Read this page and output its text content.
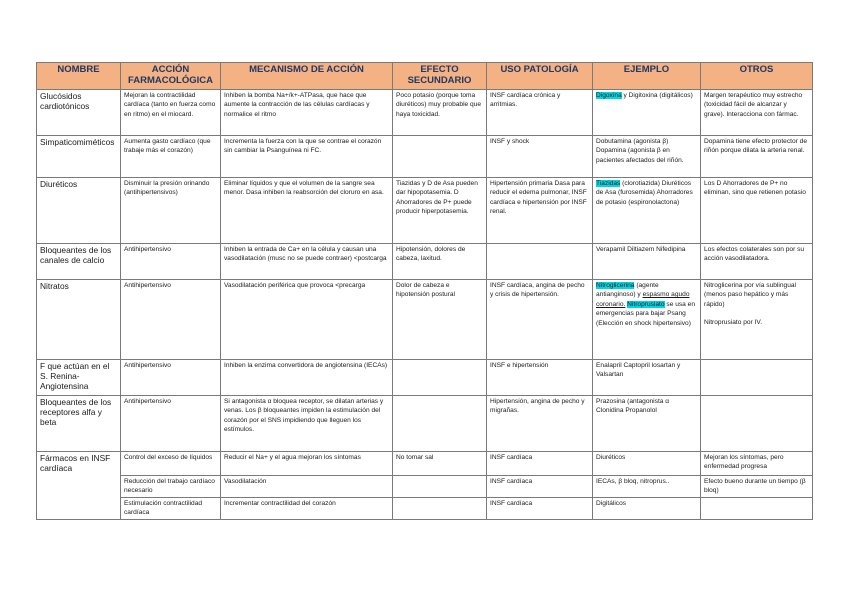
NOMBRE	ACCIÓN FARMACOLÓGICA	MECANISMO DE ACCIÓN	EFECTO SECUNDARIO	USO PATOLOGÍA	EJEMPLO	OTROS
Glucósidos cardiotónicos	Mejoran la contractilidad cardíaca (tanto en fuerza como en ritmo) en el miocard.	Inhiben la bomba Na+/k+-ATPasa, que hace que aumente la contracción de las células cardíacas y normalice el ritmo	Poco potasio (porque toma diuréticos) muy probable que haya toxicidad.	INSF cardíaca crónica y arritmias.	Digoxina y Digitoxina (digitálicos)	Margen terapéutico muy estrecho (toxicidad fácil de alcanzar y grave). Interacciona con fármac.
Simpaticomiméticos	Aumenta gasto cardíaco (que trabaje más el corazón)	Incrementa la fuerza con la que se contrae el corazón sin cambiar la Psanguínea ni FC.		INSF y shock	Dobutamina (agonista β) Dopamina (agonista β en pacientes afectados del riñón.	Dopamina tiene efecto protector de riñón porque dilata la arteria renal.
Diuréticos	Disminuir la presión orinando (antihipertensivos)	Eliminar líquidos y que el volumen de la sangre sea menor. Dasa inhiben la reabsorción del cloruro en asa.	Tiazidas y D de Asa pueden dar hipopotasemia. D Ahorradores de P+ puede producir hiperpotasemia.	Hipertensión primaria Dasa para reducir el edema pulmonar, INSF cardíaca e hipertensión por INSF renal.	Tiazidas (clorotiazida) Diuréticos de Asa (furosemida) Ahorradores de potasio (espironolactona)	Los D Ahorradores de P+ no eliminan, sino que retienen potasio
Bloqueantes de los canales de calcio	Antihipertensivo	Inhiben la entrada de Ca+ en la célula y causan una vasodilatación (musc no se puede contraer) <postcarga	Hipotensión, dolores de cabeza, laxitud.		Verapamil Diltiazem Nifedipina	Los efectos colaterales son por su acción vasodilatadora.
Nitratos	Antihipertensivo	Vasodilatación periférica que provoca <precarga	Dolor de cabeza e hipotensión postural	INSF cardíaca, angina de pecho y crisis de hipertensión.	Nitroglicerina (agente antianginoso) y espasmo agudo coronario. Nitroprusiato se usa en emergencias para bajar Psang (Elección en shock hipertensivo)	Nitroglicerina por vía sublingual (menos paso hepático y más rápido)
Nitroprusiato por IV.

F que actúan en el S. Renina-Angiotensina	Antihipertensivo	Inhiben la enzima convertidora de angiotensina (IECAs)		INSF e hipertensión	Enalapril Captopril losartan y Valsartan	
Bloqueantes de los receptores alfa y beta	Antihipertensivo	Si antagonista α bloquea receptor, se dilatan arterias y venas. Los β bloqueantes impiden la estimulación del corazón por el SNS impidiendo que lleguen los estímulos.		Hipertensión, angina de pecho y migrañas.	Prazosina (antagonista α Clonidina Propanolol	
Fármacos en INSF cardíaca	Control del exceso de líquidos	Reducir el Na+ y el agua mejoran los síntomas	No tomar sal	INSF cardíaca	Diuréticos	Mejoran los síntomas, pero enfermedad progresa
	Reducción del trabajo cardíaco necesario	Vasodilatación		INSF cardíaca	IECAs, β bloq, nitroprus..	Efecto bueno durante un tiempo (β bloq)
	Estimulación contractilidad cardíaca	Incrementar contractilidad del corazón		INSF cardíaca	Digitálicos	
